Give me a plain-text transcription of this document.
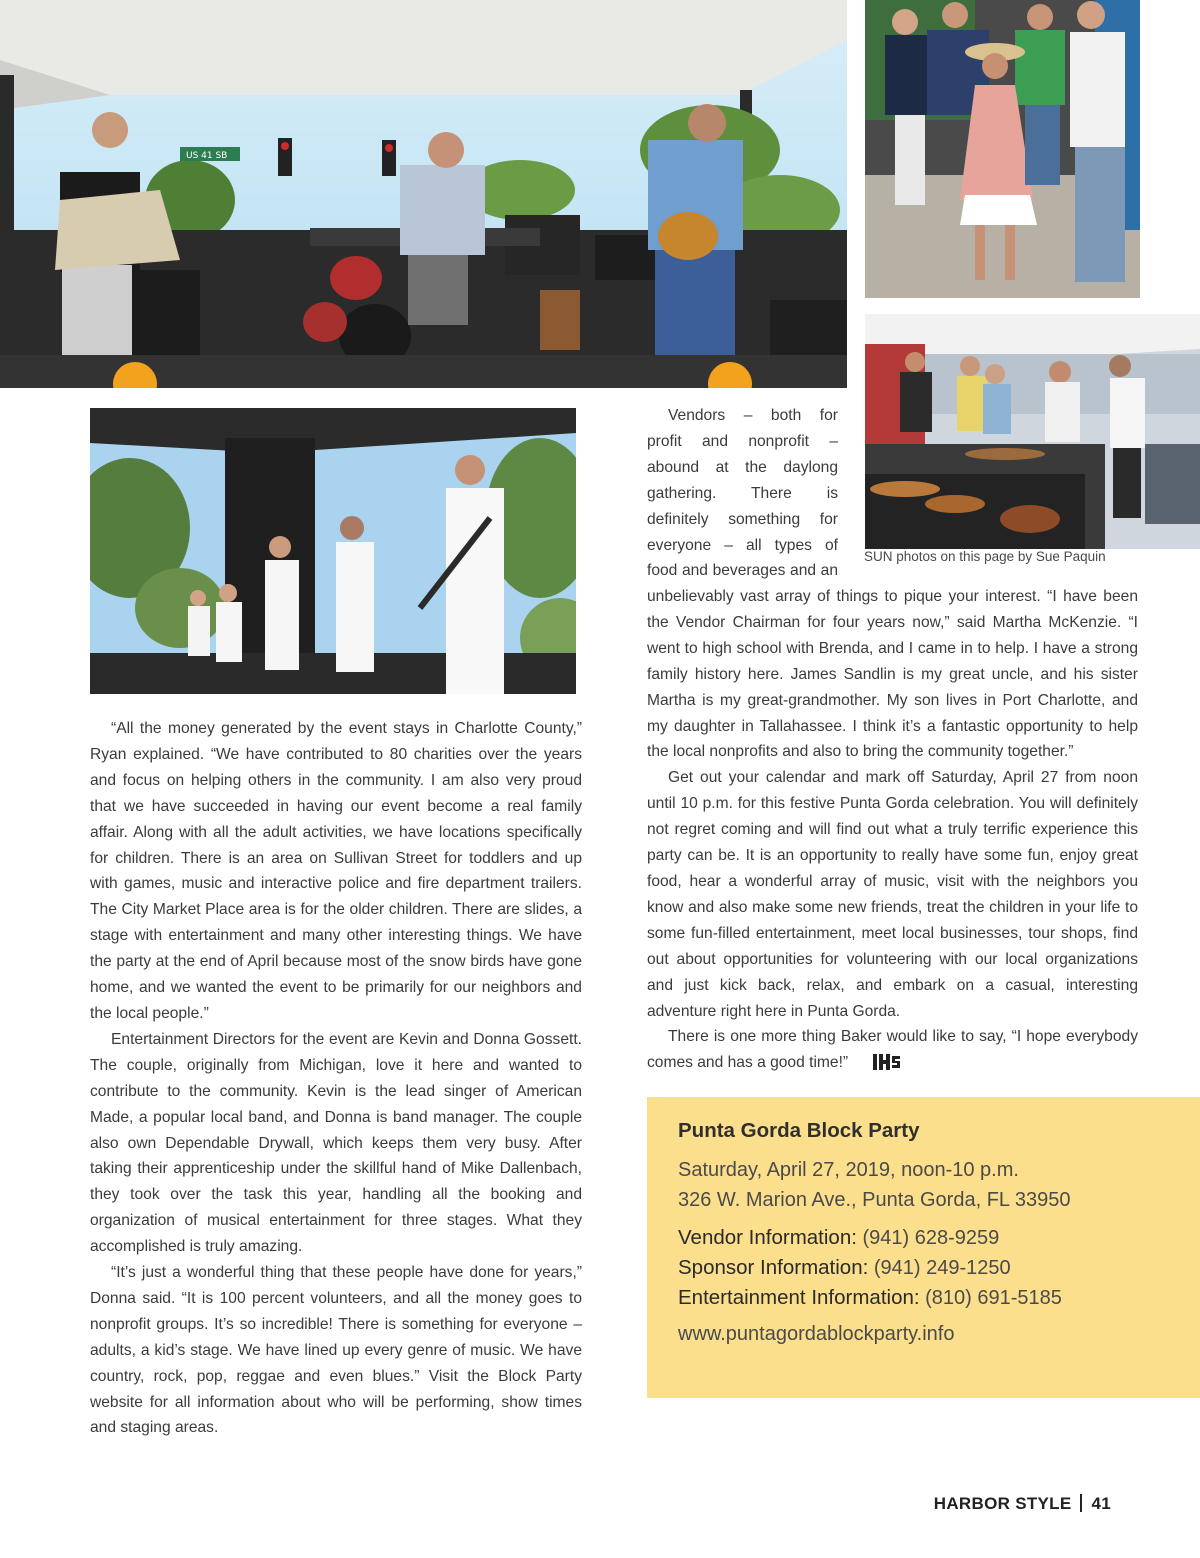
US 41 SB
SUN photos on this page by Sue Paquin
Vendors – both for
profit and nonprofit –
abound at the daylong
gathering. There is
definitely something for
everyone – all types of
food and beverages and an

unbelievably vast array of things to pique your interest. “I have been the Vendor Chairman for four years now,” said Martha McKenzie. “I went to high school with Brenda, and I came in to help. I have a strong family history here. James Sandlin is my great uncle, and his sister Martha is my great-grandmother. My son lives in Port Charlotte, and my daughter in Tallahassee. I think it’s a fantastic opportunity to help the local nonprofits and also to bring the community together.”

Get out your calendar and mark off Saturday, April 27 from noon until 10 p.m. for this festive Punta Gorda celebration. You will definitely not regret coming and will find out what a truly terrific experience this party can be. It is an opportunity to really have some fun, enjoy great food, hear a wonderful array of music, visit with the neighbors you know and also make some new friends, treat the children in your life to some fun-filled entertainment, meet local businesses, tour shops, find out about opportunities for volunteering with our local organizations and just kick back, relax, and embark on a casual, interesting adventure right here in Punta Gorda.

There is one more thing Baker would like to say, “I hope everybody comes and has a good time!”

“All the money generated by the event stays in Charlotte County,” Ryan explained. “We have contributed to 80 charities over the years and focus on helping others in the community. I am also very proud that we have succeeded in having our event become a real family affair. Along with all the adult activities, we have locations specifically for children. There is an area on Sullivan Street for toddlers and up with games, music and interactive police and fire department trailers. The City Market Place area is for the older children. There are slides, a stage with entertainment and many other interesting things. We have the party at the end of April because most of the snow birds have gone home, and we wanted the event to be primarily for our neighbors and the local people.”

Entertainment Directors for the event are Kevin and Donna Gossett. The couple, originally from Michigan, love it here and wanted to contribute to the community. Kevin is the lead singer of American Made, a popular local band, and Donna is band manager. The couple also own Dependable Drywall, which keeps them very busy. After taking their apprenticeship under the skillful hand of Mike Dallenbach, they took over the task this year, handling all the booking and organization of musical entertainment for three stages. What they accomplished is truly amazing.

“It’s just a wonderful thing that these people have done for years,” Donna said. “It is 100 percent volunteers, and all the money goes to nonprofit groups. It’s so incredible! There is something for everyone – adults, a kid’s stage. We have lined up every genre of music. We have country, rock, pop, reggae and even blues.” Visit the Block Party website for all information about who will be performing, show times and staging areas.

Punta Gorda Block Party
Saturday, April 27, 2019, noon-10 p.m.
326 W. Marion Ave., Punta Gorda, FL 33950
Vendor Information: (941) 628-9259
Sponsor Information: (941) 249-1250
Entertainment Information: (810) 691-5185
www.puntagordablockparty.info
HARBOR STYLE 41
